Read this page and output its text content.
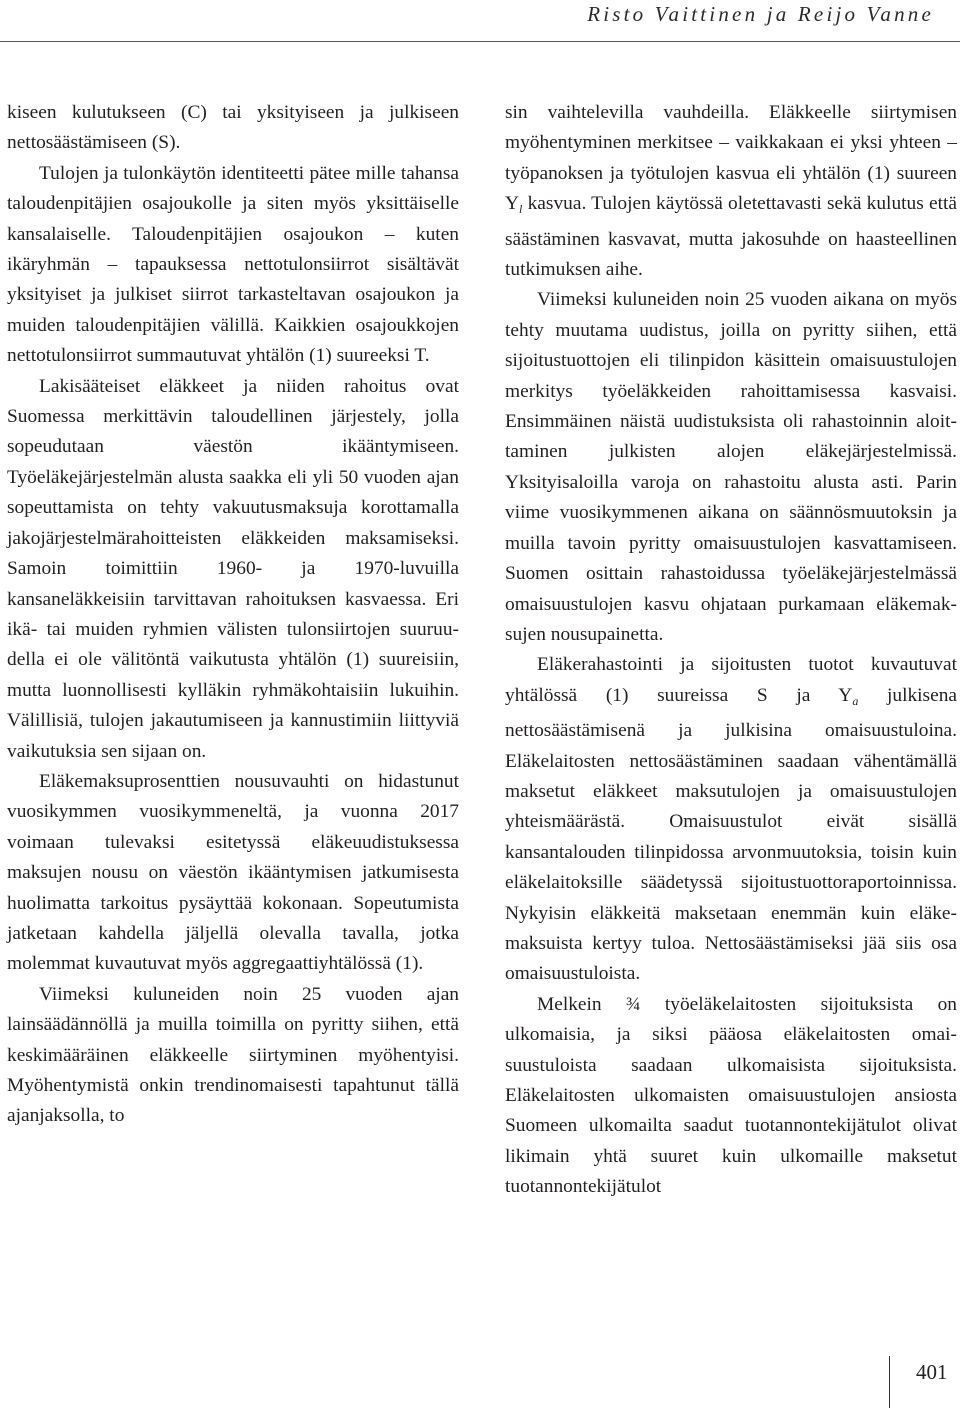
Risto Vaittinen ja Reijo Vanne

kiseen kulutukseen (C) tai yksityiseen ja julkiseen nettosäästämiseen (S).

Tulojen ja tulonkäytön identiteetti pätee mille tahansa taloudenpitäjien osajoukolle ja siten myös yksittäiselle kansalaiselle. Taloudenpitäjien osajoukon – kuten ikäryhmän – tapauksessa nettotulonsiirrot sisältävät yksityiset ja julkiset siirrot tarkasteltavan osajoukon ja muiden taloudenpitäjien välillä. Kaikkien osajoukkojen nettotulonsiirrot summautuvat yhtälön (1) suureeksi T.

Lakisääteiset eläkkeet ja niiden rahoitus ovat Suomessa merkittävin taloudellinen järjestely, jolla sopeudutaan väestön ikääntymiseen. Työeläkejärjestelmän alusta saakka eli yli 50 vuoden ajan sopeuttamista on tehty vakuutusmaksuja korottamalla jakojärjestelmärahoitteisten eläkkeiden maksamiseksi. Samoin toimittiin 1960- ja 1970-luvuilla kansaneläkkeisiin tarvittavan rahoituksen kasvaessa. Eri ikä- tai muiden ryhmien välisten tulonsiirtojen suuruudella ei ole välitöntä vaikutusta yhtälön (1) suureisiin, mutta luonnollisesti kylläkin ryhmäkohtaisiin lukuihin. Välillisiä, tulojen jakautumiseen ja kannustimiin liittyviä vaikutuksia sen sijaan on.

Eläkemaksuprosenttien nousuvauhti on hidastunut vuosikymmen vuosikymmeneltä, ja vuonna 2017 voimaan tulevaksi esitetyssä eläkeuudistuksessa maksujen nousu on väestön ikääntymisen jatkumisesta huolimatta tarkoitus pysäyttää kokonaan. Sopeutumista jatketaan kahdella jäljellä olevalla tavalla, jotka molemmat kuvautuvat myös aggregaattiyhtälössä (1).

Viimeksi kuluneiden noin 25 vuoden ajan lainsäädännöllä ja muilla toimilla on pyritty siihen, että keskimääräinen eläkkeelle siirtyminen myöhentyisi. Myöhentymistä onkin trendinomaisesti tapahtunut tällä ajanjaksolla, to

sin vaihtelevilla vauhdeilla. Eläkkeelle siirtymisen myöhentyminen merkitsee – vaikkakaan ei yksi yhteen – työpanoksen ja työtulojen kasvua eli yhtälön (1) suureen $Y_l$ kasvua. Tulojen käytössä oletettavasti sekä kulutus että säästäminen kasvavat, mutta jakosuhde on haasteellinen tutkimuksen aihe.

Viimeksi kuluneiden noin 25 vuoden aikana on myös tehty muutama uudistus, joilla on pyritty siihen, että sijoitustuottojen eli tilinpidon käsittein omaisuustulojen merkitys työeläkkeiden rahoittamisessa kasvaisi. Ensimmäinen näistä uudistuksista oli rahastoinnin aloittaminen julkisten alojen eläkejärjestelmissä. Yksityisaloilla varoja on rahastoitu alusta asti. Parin viime vuosikymmenen aikana on säännösmuutoksin ja muilla tavoin pyritty omaisuustulojen kasvattamiseen. Suomen osittain rahastoidussa työeläkejärjestelmässä omaisuustulojen kasvu ohjataan purkamaan eläkemaksujen nousupainetta.

Eläkerahastointi ja sijoitusten tuotot kuvautuvat yhtälössä (1) suureissa S ja $Y_a$ julkisena nettosäästämisenä ja julkisina omaisuustuloina. Eläkelaitosten nettosäästäminen saadaan vähentämällä maksetut eläkkeet maksutulojen ja omaisuustulojen yhteismäärästä. Omaisuustulot eivät sisällä kansantalouden tilinpidossa arvonmuutoksia, toisin kuin eläkelaitoksille säädetyssä sijoitustuottoraportoinnissa. Nykyisin eläkkeitä maksetaan enemmän kuin eläkemaksuista kertyy tuloa. Nettosäästämiseksi jää siis osa omaisuustuloista.

Melkein ¾ työeläkelaitosten sijoituksista on ulkomaisia, ja siksi pääosa eläkelaitosten omaisuustuloista saadaan ulkomaisista sijoituksista. Eläkelaitosten ulkomaisten omaisuustulojen ansiosta Suomeen ulkomailta saadut tuotannontekijätulot olivat likimain yhtä suuret kuin ulkomaille maksetut tuotannontekijätulot

401
